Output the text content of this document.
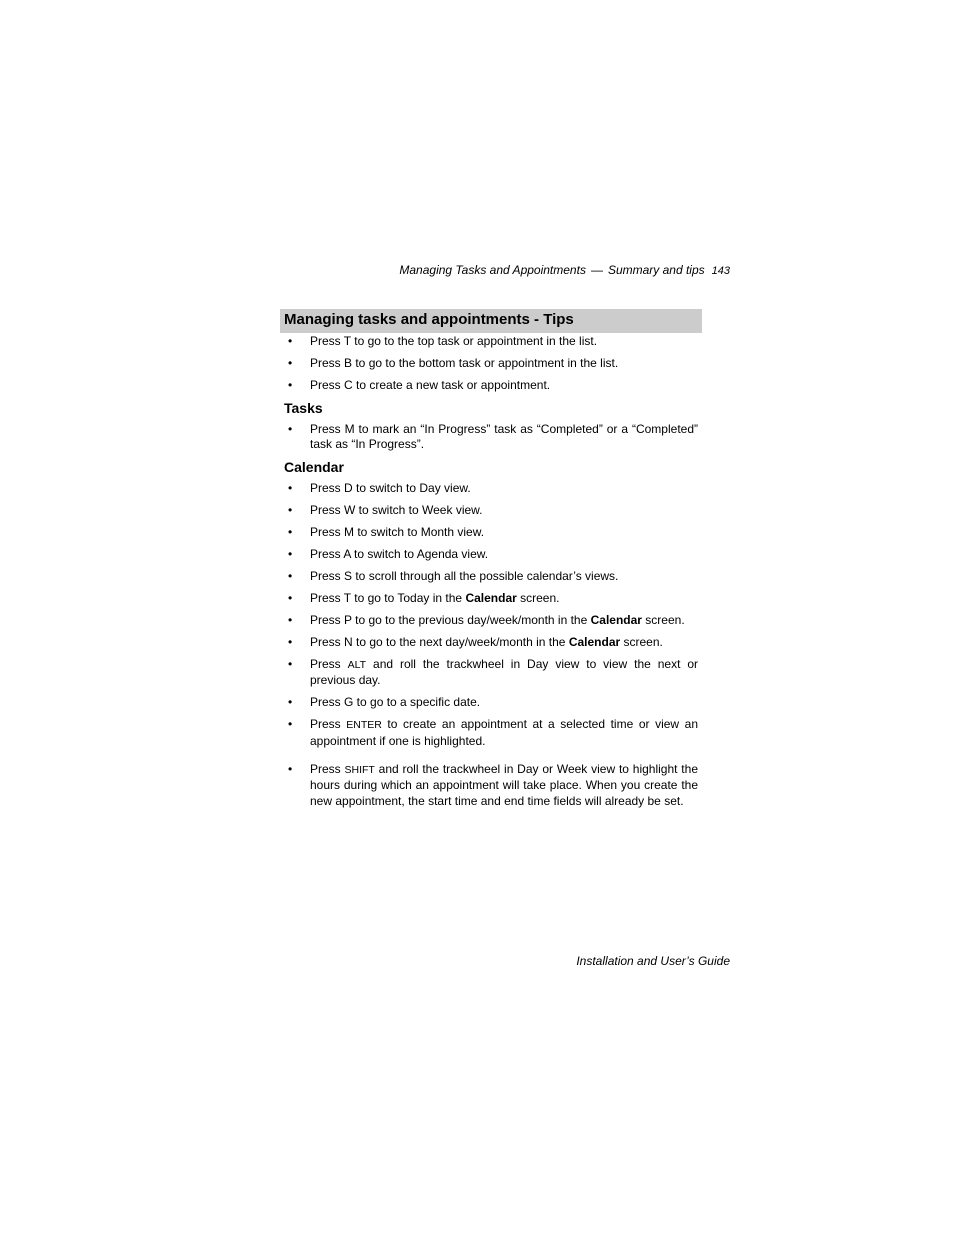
Managing Tasks and Appointments — Summary and tips 143
Managing tasks and appointments - Tips
• Press T to go to the top task or appointment in the list.
• Press B to go to the bottom task or appointment in the list.
• Press C to create a new task or appointment.
Tasks
• Press M to mark an “In Progress” task as “Completed” or a “Completed” task as “In Progress”.
Calendar
• Press D to switch to Day view.
• Press W to switch to Week view.
• Press M to switch to Month view.
• Press A to switch to Agenda view.
• Press S to scroll through all the possible calendar’s views.
• Press T to go to Today in the Calendar screen.
• Press P to go to the previous day/week/month in the Calendar screen.
• Press N to go to the next day/week/month in the Calendar screen.
• Press ALT and roll the trackwheel in Day view to view the next or previous day.
• Press G to go to a specific date.
• Press ENTER to create an appointment at a selected time or view an appointment if one is highlighted.
• Press SHIFT and roll the trackwheel in Day or Week view to highlight the hours during which an appointment will take place. When you create the new appointment, the start time and end time fields will already be set.
Installation and User’s Guide
